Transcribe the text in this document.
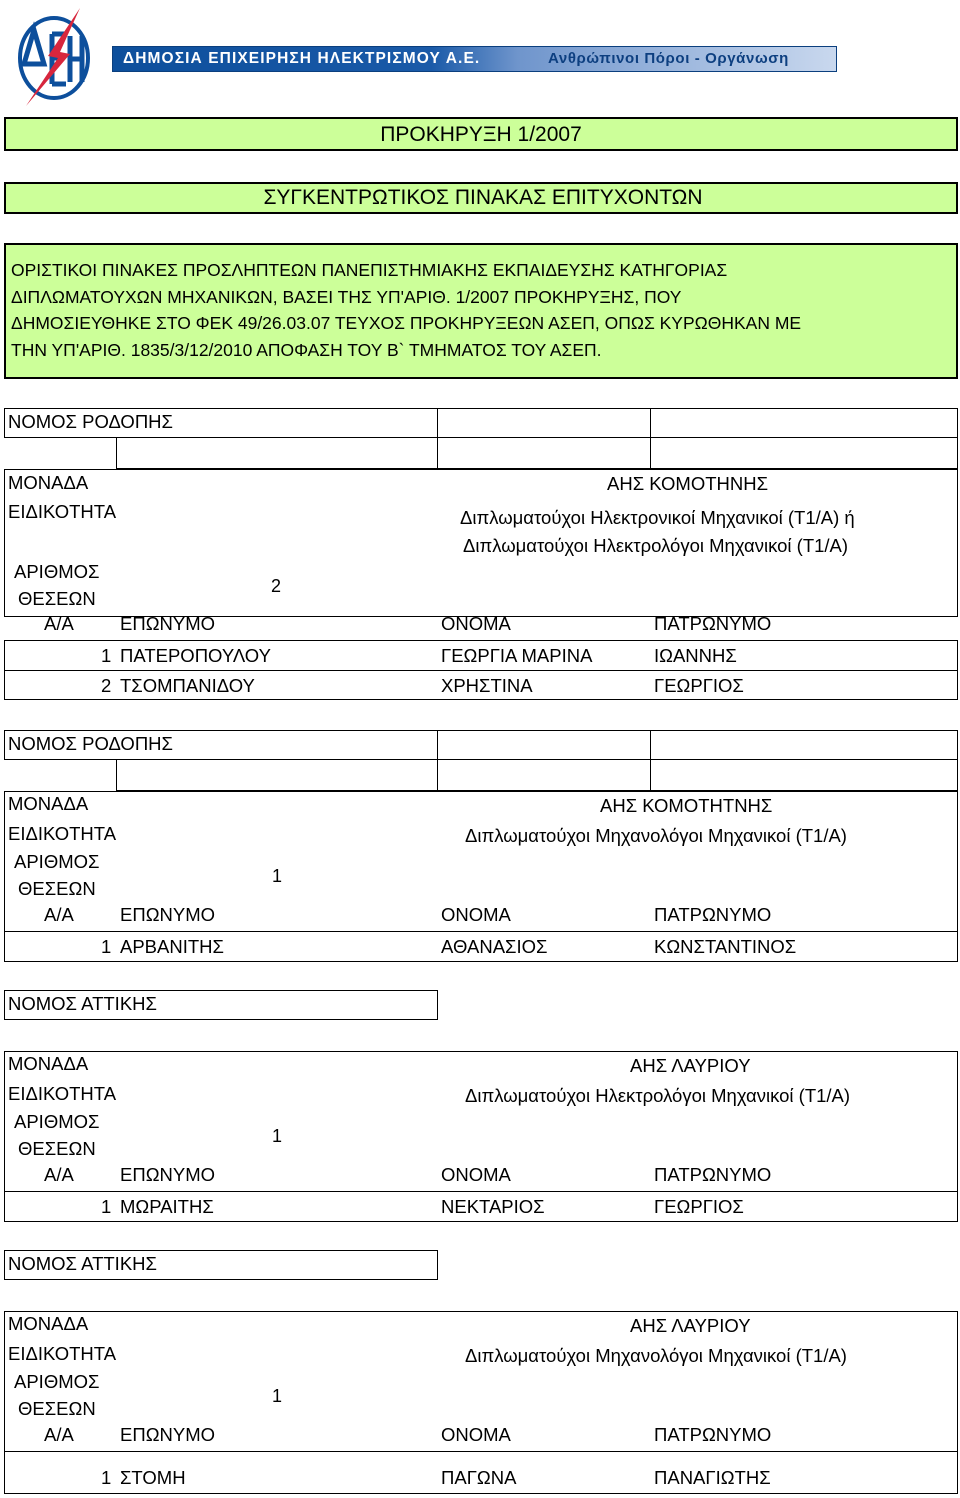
ΔΗΜΟΣΙΑ ΕΠΙΧΕΙΡΗΣΗ ΗΛΕΚΤΡΙΣΜΟΥ Α.Ε.	Ανθρώπινοι Πόροι - Οργάνωση
ΠΡΟΚΗΡΥΞΗ 1/2007
ΣΥΓΚΕΝΤΡΩΤΙΚΟΣ ΠΙΝΑΚΑΣ ΕΠΙΤΥΧΟΝΤΩΝ
ΟΡΙΣΤΙΚΟΙ ΠΙΝΑΚΕΣ ΠΡΟΣΛΗΠΤΕΩΝ ΠΑΝΕΠΙΣΤΗΜΙΑΚΗΣ ΕΚΠΑΙΔΕΥΣΗΣ ΚΑΤΗΓΟΡΙΑΣ
ΔΙΠΛΩΜΑΤΟΥΧΩΝ ΜΗΧΑΝΙΚΩΝ, ΒΑΣΕΙ ΤΗΣ ΥΠ'ΑΡΙΘ. 1/2007 ΠΡΟΚΗΡΥΞΗΣ, ΠΟΥ
ΔΗΜΟΣΙΕΥΘΗΚΕ ΣΤΟ ΦΕΚ 49/26.03.07 ΤΕΥΧΟΣ ΠΡΟΚΗΡΥΞΕΩΝ ΑΣΕΠ, ΟΠΩΣ ΚΥΡΩΘΗΚΑΝ ΜΕ
ΤΗΝ ΥΠ'ΑΡΙΘ. 1835/3/12/2010 ΑΠΟΦΑΣΗ ΤΟΥ Β` ΤΜΗΜΑΤΟΣ ΤΟΥ ΑΣΕΠ.
ΝΟΜΟΣ ΡΟΔΟΠΗΣ
ΜΟΝΑΔΑ	ΑΗΣ ΚΟΜΟΤΗΝΗΣ
ΕΙΔΙΚΟΤΗΤΑ	Διπλωματούχοι Ηλεκτρονικοί Μηχανικοί (Τ1/Α) ή
Διπλωματούχοι Ηλεκτρολόγοι Μηχανικοί (Τ1/Α)
ΑΡΙΘΜΟΣ
ΘΕΣΕΩΝ
2
Α/Α ΕΠΩΝΥΜΟ	ΟΝΟΜΑ	ΠΑΤΡΩΝΥΜΟ
1 ΠΑΤΕΡΟΠΟΥΛΟΥ	ΓΕΩΡΓΙΑ ΜΑΡΙΝΑ	ΙΩΑΝΝΗΣ
2 ΤΣΟΜΠΑΝΙΔΟΥ	ΧΡΗΣΤΙΝΑ	ΓΕΩΡΓΙΟΣ
ΝΟΜΟΣ ΡΟΔΟΠΗΣ
ΜΟΝΑΔΑ	ΑΗΣ ΚΟΜΟΤΗΤΝΗΣ
ΕΙΔΙΚΟΤΗΤΑ	Διπλωματούχοι Μηχανολόγοι Μηχανικοί (Τ1/Α)
ΑΡΙΘΜΟΣ
ΘΕΣΕΩΝ
1
Α/Α ΕΠΩΝΥΜΟ	ΟΝΟΜΑ	ΠΑΤΡΩΝΥΜΟ
1 ΑΡΒΑΝΙΤΗΣ	ΑΘΑΝΑΣΙΟΣ	ΚΩΝΣΤΑΝΤΙΝΟΣ
ΝΟΜΟΣ ΑΤΤΙΚΗΣ
ΜΟΝΑΔΑ	ΑΗΣ ΛΑΥΡΙΟΥ
ΕΙΔΙΚΟΤΗΤΑ	Διπλωματούχοι Ηλεκτρολόγοι Μηχανικοί (Τ1/Α)
ΑΡΙΘΜΟΣ
ΘΕΣΕΩΝ
1
Α/Α ΕΠΩΝΥΜΟ	ΟΝΟΜΑ	ΠΑΤΡΩΝΥΜΟ
1 ΜΩΡΑΙΤΗΣ	ΝΕΚΤΑΡΙΟΣ	ΓΕΩΡΓΙΟΣ
ΝΟΜΟΣ ΑΤΤΙΚΗΣ
ΜΟΝΑΔΑ	ΑΗΣ ΛΑΥΡΙΟΥ
ΕΙΔΙΚΟΤΗΤΑ	Διπλωματούχοι Μηχανολόγοι Μηχανικοί (Τ1/Α)
ΑΡΙΘΜΟΣ
ΘΕΣΕΩΝ
1
Α/Α ΕΠΩΝΥΜΟ	ΟΝΟΜΑ	ΠΑΤΡΩΝΥΜΟ
1 ΣΤΟΜΗ	ΠΑΓΩΝΑ	ΠΑΝΑΓΙΩΤΗΣ
